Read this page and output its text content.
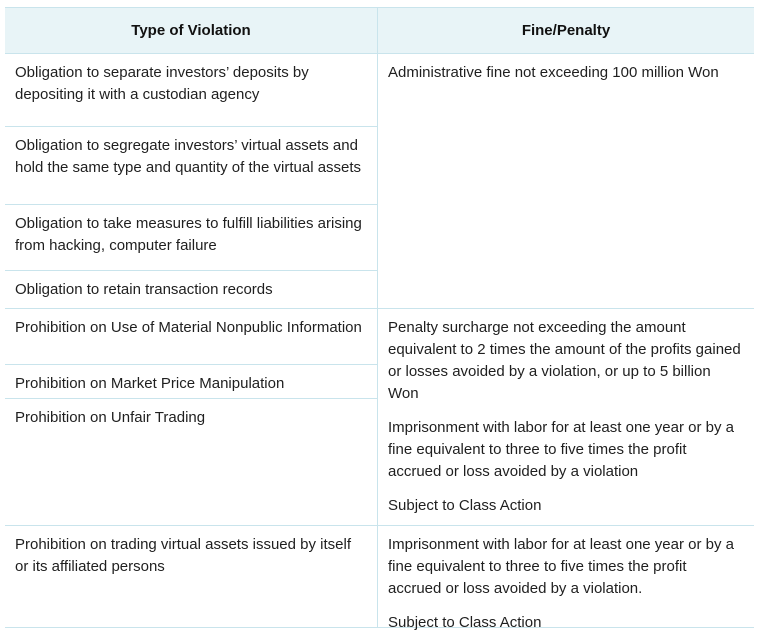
Type of Violation	Fine/Penalty
Obligation to separate investors’ deposits by depositing it with a custodian agency
Obligation to segregate investors’ virtual assets and hold the same type and quantity of the virtual assets
Obligation to take measures to fulfill liabilities arising from hacking, computer failure
Obligation to retain transaction records
Administrative fine not exceeding 100 million Won
Prohibition on Use of Material Nonpublic Information
Prohibition on Market Price Manipulation
Prohibition on Unfair Trading

Penalty surcharge not exceeding the amount equivalent to 2 times the amount of the profits gained or losses avoided by a violation, or up to 5 billion Won

Imprisonment with labor for at least one year or by a fine equivalent to three to five times the profit accrued or loss avoided by a violation

Subject to Class Action

Prohibition on trading virtual assets issued by itself or its affiliated persons

Imprisonment with labor for at least one year or by a fine equivalent to three to five times the profit accrued or loss avoided by a violation.

Subject to Class Action
